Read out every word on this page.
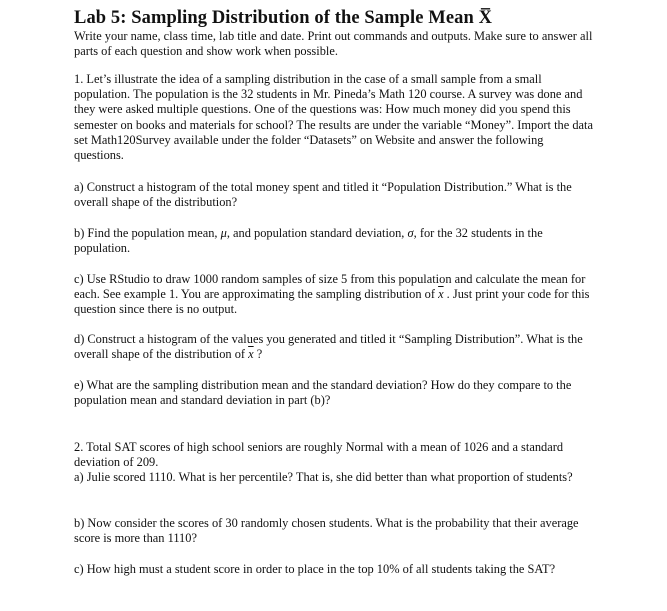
Lab 5: Sampling Distribution of the Sample Mean X̅
Write your name, class time, lab title and date. Print out commands and outputs. Make sure to answer all parts of each question and show work when possible.
1. Let’s illustrate the idea of a sampling distribution in the case of a small sample from a small population. The population is the 32 students in Mr. Pineda’s Math 120 course. A survey was done and they were asked multiple questions. One of the questions was: How much money did you spend this semester on books and materials for school? The results are under the variable “Money”. Import the data set Math120Survey available under the folder “Datasets” on Website and answer the following questions.
a) Construct a histogram of the total money spent and titled it “Population Distribution.” What is the overall shape of the distribution?
b) Find the population mean, μ, and population standard deviation, σ, for the 32 students in the population.
c) Use RStudio to draw 1000 random samples of size 5 from this population and calculate the mean for each. See example 1. You are approximating the sampling distribution of $\overline{x}$ . Just print your code for this question since there is no output.
d) Construct a histogram of the values you generated and titled it “Sampling Distribution”. What is the overall shape of the distribution of $\overline{x}$ ?
e) What are the sampling distribution mean and the standard deviation? How do they compare to the population mean and standard deviation in part (b)?
2. Total SAT scores of high school seniors are roughly Normal with a mean of 1026 and a standard deviation of 209.
a) Julie scored 1110. What is her percentile? That is, she did better than what proportion of students?
b) Now consider the scores of 30 randomly chosen students. What is the probability that their average score is more than 1110?
c) How high must a student score in order to place in the top 10% of all students taking the SAT?
